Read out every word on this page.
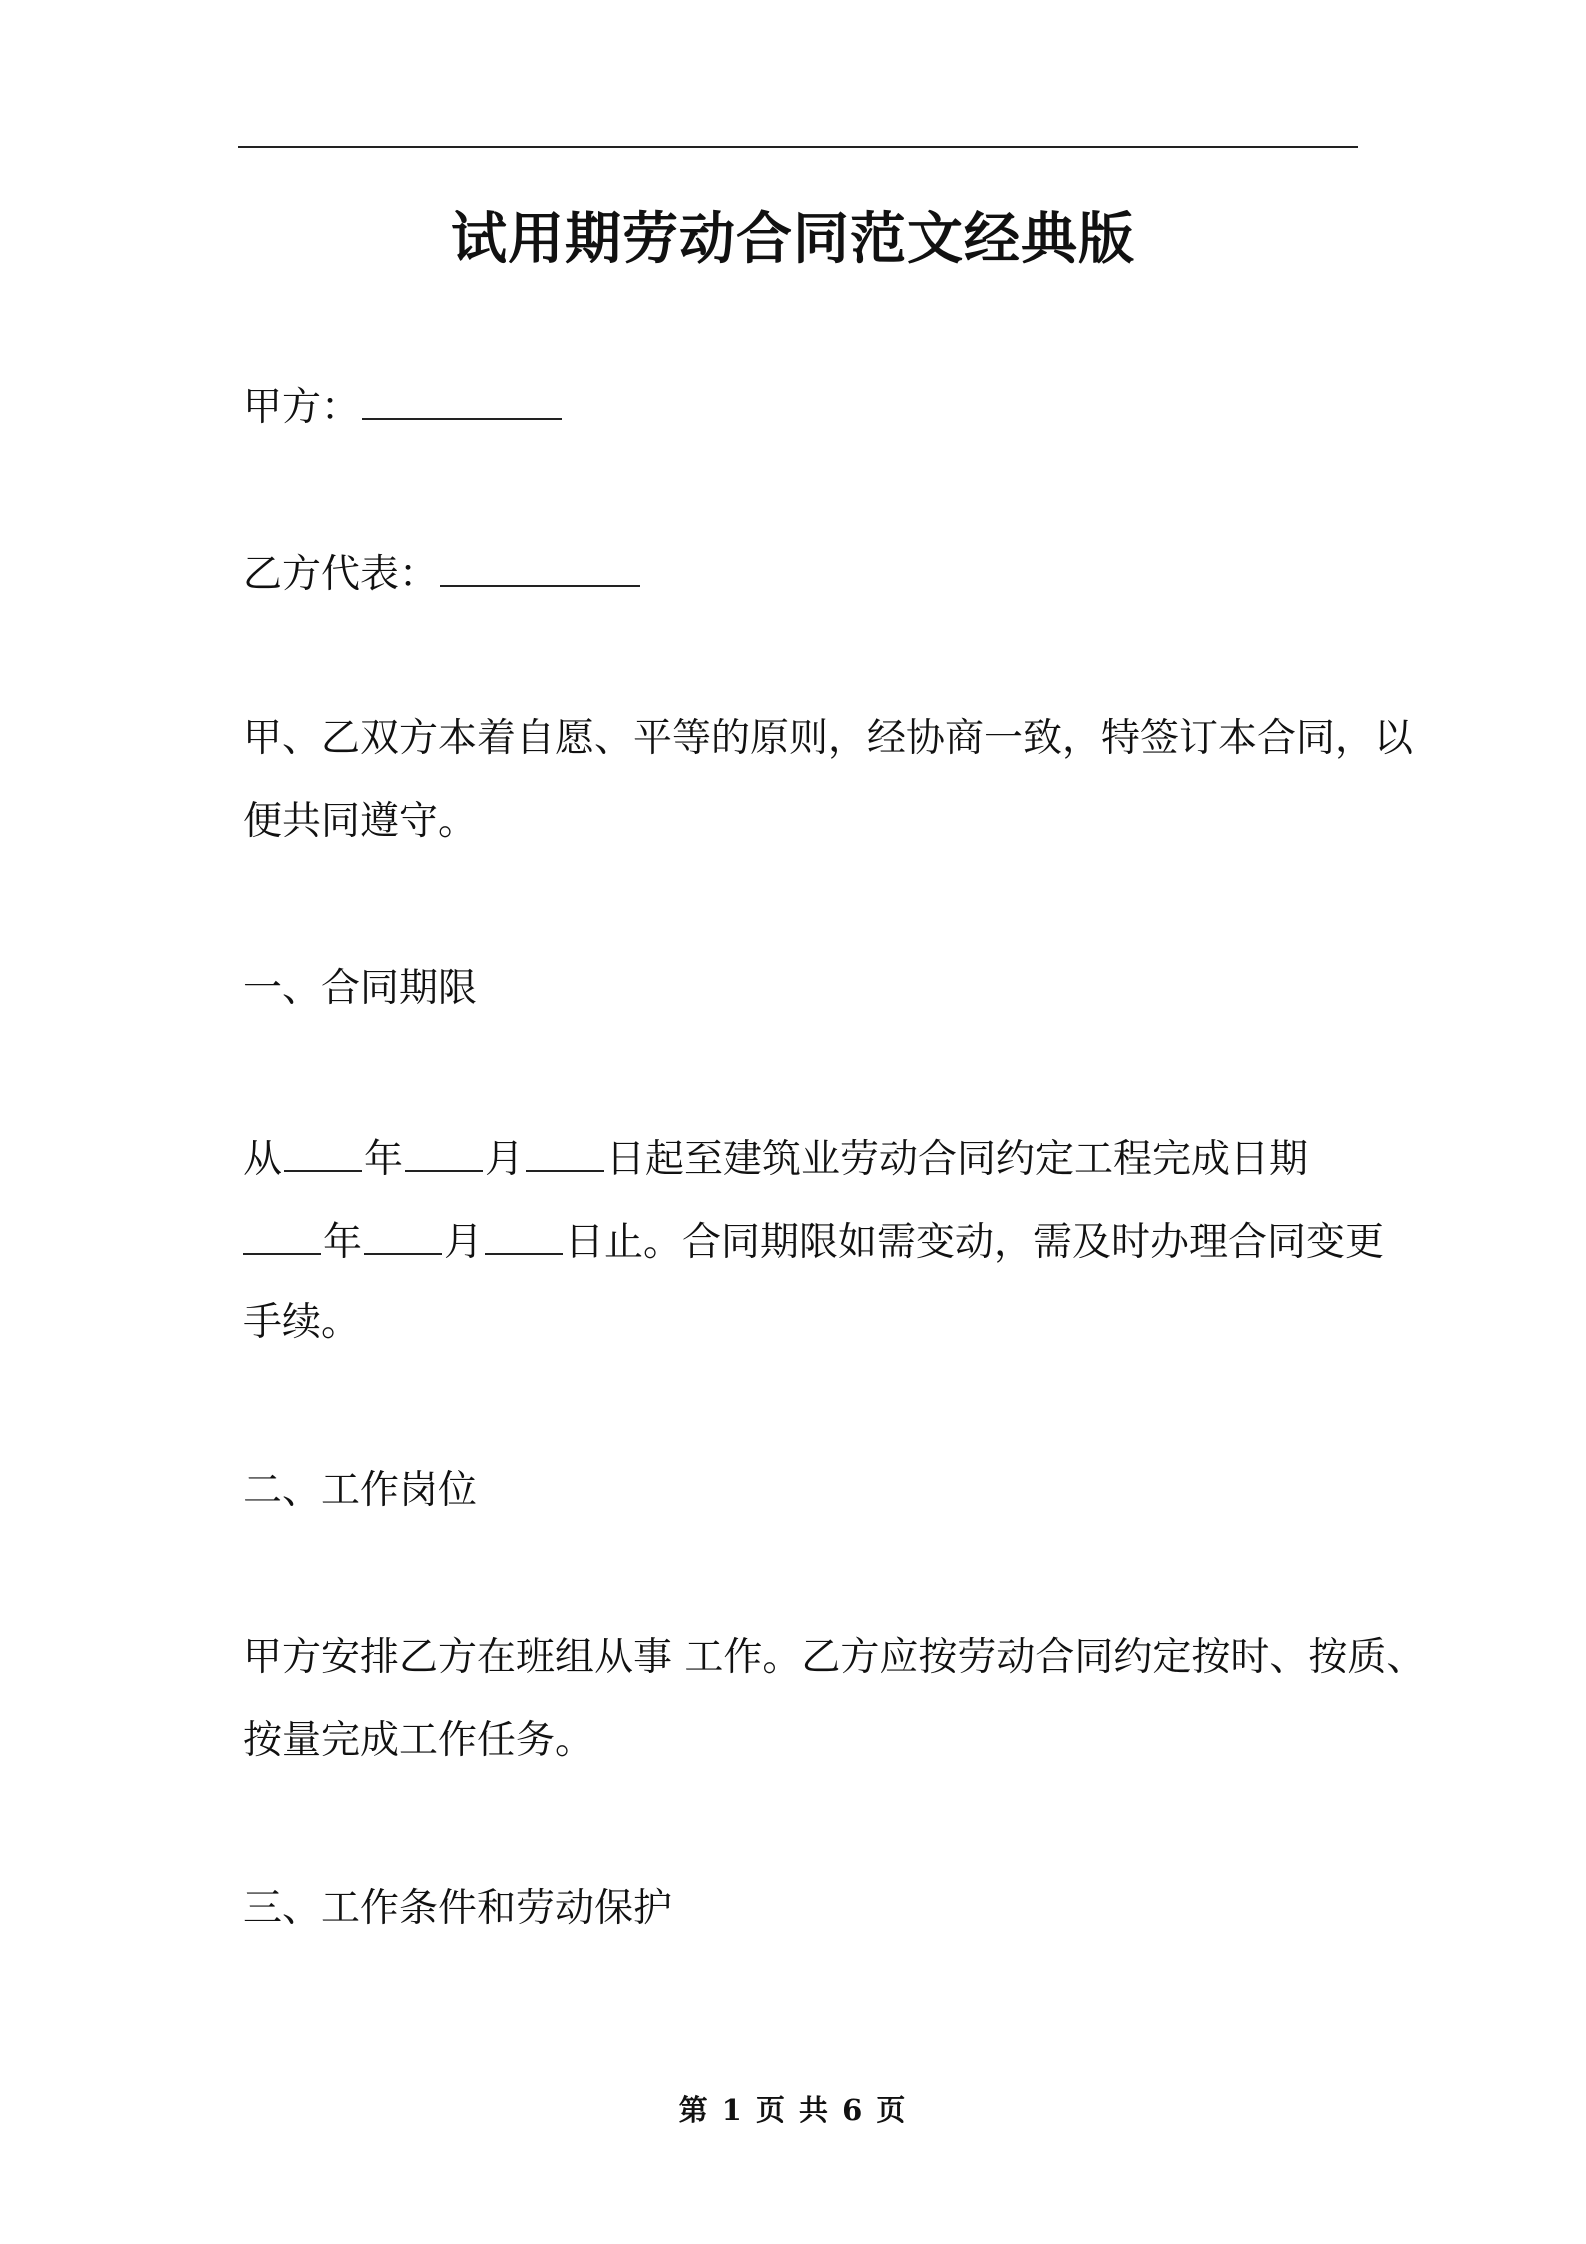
试用期劳动合同范文经典版
甲方：
乙方代表：
甲、乙双方本着自愿、平等的原则，经协商一致，特签订本合同，以
便共同遵守。
一、合同期限
从 年 月 日起至建筑业劳动合同约定工程完成日期
年 月 日止。合同期限如需变动，需及时办理合同变更
手续。
二、工作岗位
甲方安排乙方在班组从事 工作。乙方应按劳动合同约定按时、按质、
按量完成工作任务。
三、工作条件和劳动保护
第 1 页 共 6 页
